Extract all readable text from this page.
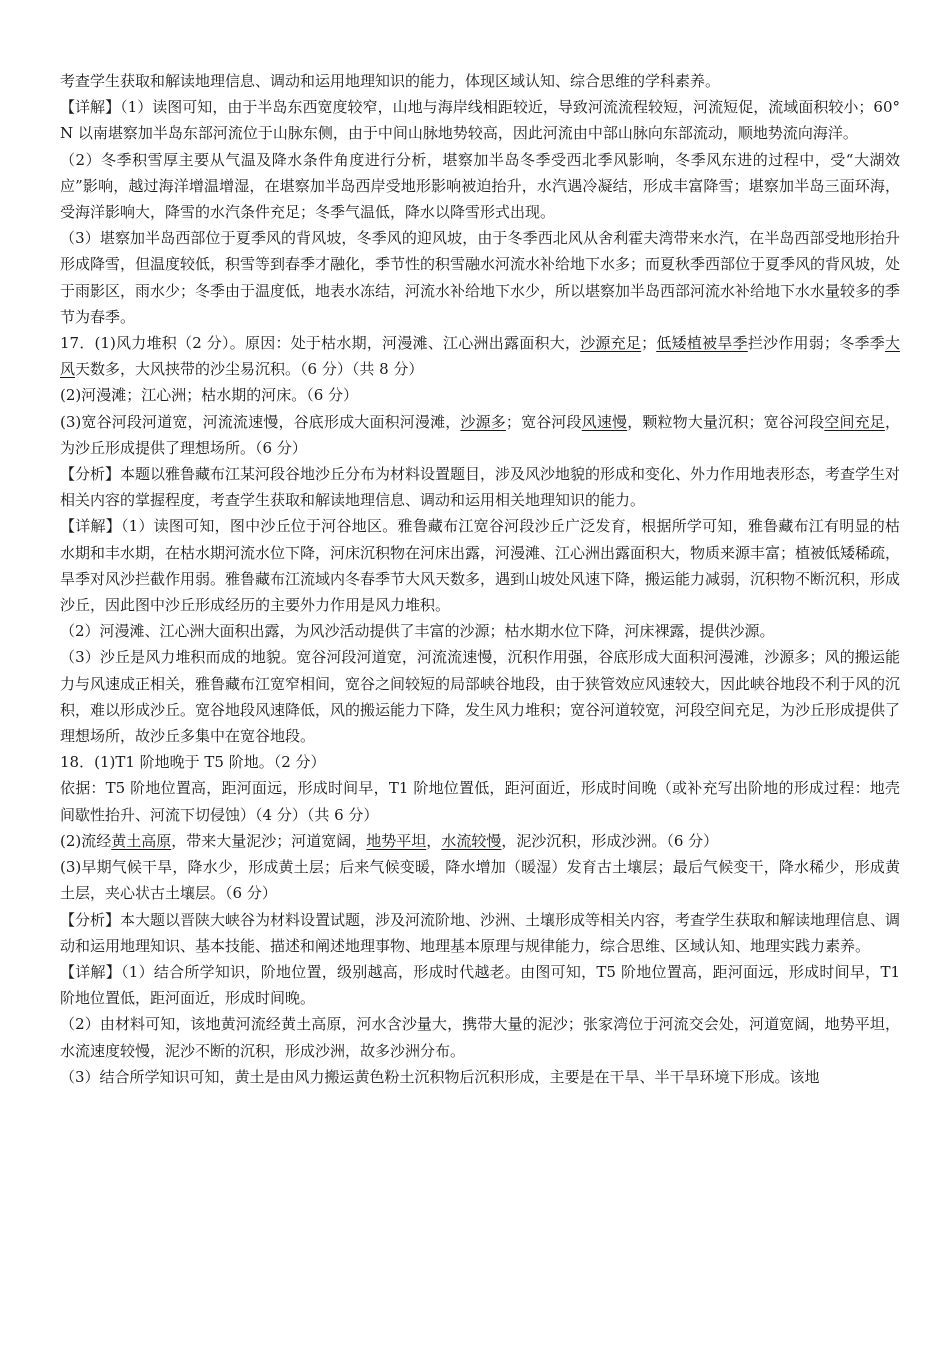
考查学生获取和解读地理信息、调动和运用地理知识的能力，体现区域认知、综合思维的学科素养。

【详解】（1）读图可知，由于半岛东西宽度较窄，山地与海岸线相距较近，导致河流流程较短，河流短促，流域面积较小；60°N 以南堪察加半岛东部河流位于山脉东侧，由于中间山脉地势较高，因此河流由中部山脉向东部流动，顺地势流向海洋。

（2）冬季积雪厚主要从气温及降水条件角度进行分析，堪察加半岛冬季受西北季风影响，冬季风东进的过程中，受“大湖效应”影响，越过海洋增温增湿，在堪察加半岛西岸受地形影响被迫抬升，水汽遇冷凝结，形成丰富降雪；堪察加半岛三面环海，受海洋影响大，降雪的水汽条件充足；冬季气温低，降水以降雪形式出现。

（3）堪察加半岛西部位于夏季风的背风坡，冬季风的迎风坡，由于冬季西北风从舍利霍夫湾带来水汽，在半岛西部受地形抬升形成降雪，但温度较低，积雪等到春季才融化，季节性的积雪融水河流水补给地下水多；而夏秋季西部位于夏季风的背风坡，处于雨影区，雨水少；冬季由于温度低，地表水冻结，河流水补给地下水少，所以堪察加半岛西部河流水补给地下水水量较多的季节为春季。

17．(1)风力堆积（2 分）。原因：处于枯水期，河漫滩、江心洲出露面积大，沙源充足；低矮植被旱季拦沙作用弱；冬季季大风天数多，大风挟带的沙尘易沉积。（6 分）（共 8 分）

(2)河漫滩；江心洲；枯水期的河床。（6 分）

(3)宽谷河段河道宽，河流流速慢，谷底形成大面积河漫滩，沙源多；宽谷河段风速慢，颗粒物大量沉积；宽谷河段空间充足，为沙丘形成提供了理想场所。（6 分）

【分析】本题以雅鲁藏布江某河段谷地沙丘分布为材料设置题目，涉及风沙地貌的形成和变化、外力作用地表形态，考查学生对相关内容的掌握程度，考查学生获取和解读地理信息、调动和运用相关地理知识的能力。

【详解】（1）读图可知，图中沙丘位于河谷地区。雅鲁藏布江宽谷河段沙丘广泛发育，根据所学可知，雅鲁藏布江有明显的枯水期和丰水期，在枯水期河流水位下降，河床沉积物在河床出露，河漫滩、江心洲出露面积大，物质来源丰富；植被低矮稀疏，旱季对风沙拦截作用弱。雅鲁藏布江流域内冬春季节大风天数多，遇到山坡处风速下降，搬运能力减弱，沉积物不断沉积，形成沙丘，因此图中沙丘形成经历的主要外力作用是风力堆积。

（2）河漫滩、江心洲大面积出露，为风沙活动提供了丰富的沙源；枯水期水位下降，河床裸露，提供沙源。

（3）沙丘是风力堆积而成的地貌。宽谷河段河道宽，河流流速慢，沉积作用强，谷底形成大面积河漫滩，沙源多；风的搬运能力与风速成正相关，雅鲁藏布江宽窄相间，宽谷之间较短的局部峡谷地段，由于狭管效应风速较大，因此峡谷地段不利于风的沉积，难以形成沙丘。宽谷地段风速降低，风的搬运能力下降，发生风力堆积；宽谷河道较宽，河段空间充足，为沙丘形成提供了理想场所，故沙丘多集中在宽谷地段。

18．(1)T1 阶地晚于 T5 阶地。（2 分）

依据：T5 阶地位置高，距河面远，形成时间早，T1 阶地位置低，距河面近，形成时间晚（或补充写出阶地的形成过程：地壳间歇性抬升、河流下切侵蚀）（4 分）（共 6 分）

(2)流经黄土高原，带来大量泥沙；河道宽阔，地势平坦，水流较慢，泥沙沉积，形成沙洲。（6 分）

(3)早期气候干旱，降水少，形成黄土层；后来气候变暖，降水增加（暖湿）发育古土壤层；最后气候变干，降水稀少，形成黄土层，夹心状古土壤层。（6 分）

【分析】本大题以晋陕大峡谷为材料设置试题，涉及河流阶地、沙洲、土壤形成等相关内容，考查学生获取和解读地理信息、调动和运用地理知识、基本技能、描述和阐述地理事物、地理基本原理与规律能力，综合思维、区域认知、地理实践力素养。

【详解】（1）结合所学知识，阶地位置，级别越高，形成时代越老。由图可知，T5 阶地位置高，距河面远，形成时间早，T1 阶地位置低，距河面近，形成时间晚。

（2）由材料可知，该地黄河流经黄土高原，河水含沙量大，携带大量的泥沙；张家湾位于河流交会处，河道宽阔，地势平坦，水流速度较慢，泥沙不断的沉积，形成沙洲，故多沙洲分布。

（3）结合所学知识可知，黄土是由风力搬运黄色粉土沉积物后沉积形成，主要是在干旱、半干旱环境下形成。该地
